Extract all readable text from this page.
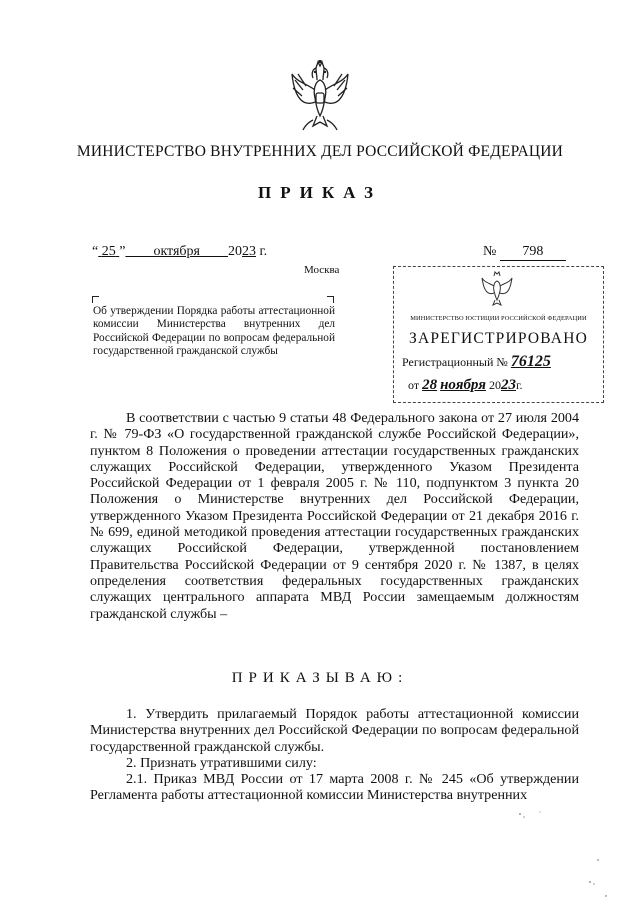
МИНИСТЕРСТВО ВНУТРЕННИХ ДЕЛ РОССИЙСКОЙ ФЕДЕРАЦИИ
ПРИКАЗ
“ 25 ” октября 2023 г.	№ 798
Москва
Об утверждении Порядка работы аттестационной комиссии Министерства внутренних дел Российской Федерации по вопросам федеральной государственной гражданской службы
МИНИСТЕРСТВО ЮСТИЦИИ РОССИЙСКОЙ ФЕДЕРАЦИИ
ЗАРЕГИСТРИРОВАНО
Регистрационный № 76125
от 28 ноября 2023г.

В соответствии с частью 9 статьи 48 Федерального закона от 27 июля 2004 г. № 79-ФЗ «О государственной гражданской службе Российской Федерации», пунктом 8 Положения о проведении аттестации государственных гражданских служащих Российской Федерации, утвержденного Указом Президента Российской Федерации от 1 февраля 2005 г. № 110, подпунктом 3 пункта 20 Положения о Министерстве внутренних дел Российской Федерации, утвержденного Указом Президента Российской Федерации от 21 декабря 2016 г. № 699, единой методикой проведения аттестации государственных гражданских служащих Российской Федерации, утвержденной постановлением Правительства Российской Федерации от 9 сентября 2020 г. № 1387, в целях определения соответствия федеральных государственных гражданских служащих центрального аппарата МВД России замещаемым должностям гражданской службы –

ПРИКАЗЫВАЮ:

1. Утвердить прилагаемый Порядок работы аттестационной комиссии Министерства внутренних дел Российской Федерации по вопросам федеральной государственной гражданской службы.

2. Признать утратившими силу:

2.1. Приказ МВД России от 17 марта 2008 г. № 245 «Об утверждении Регламента работы аттестационной комиссии Министерства внутренних
